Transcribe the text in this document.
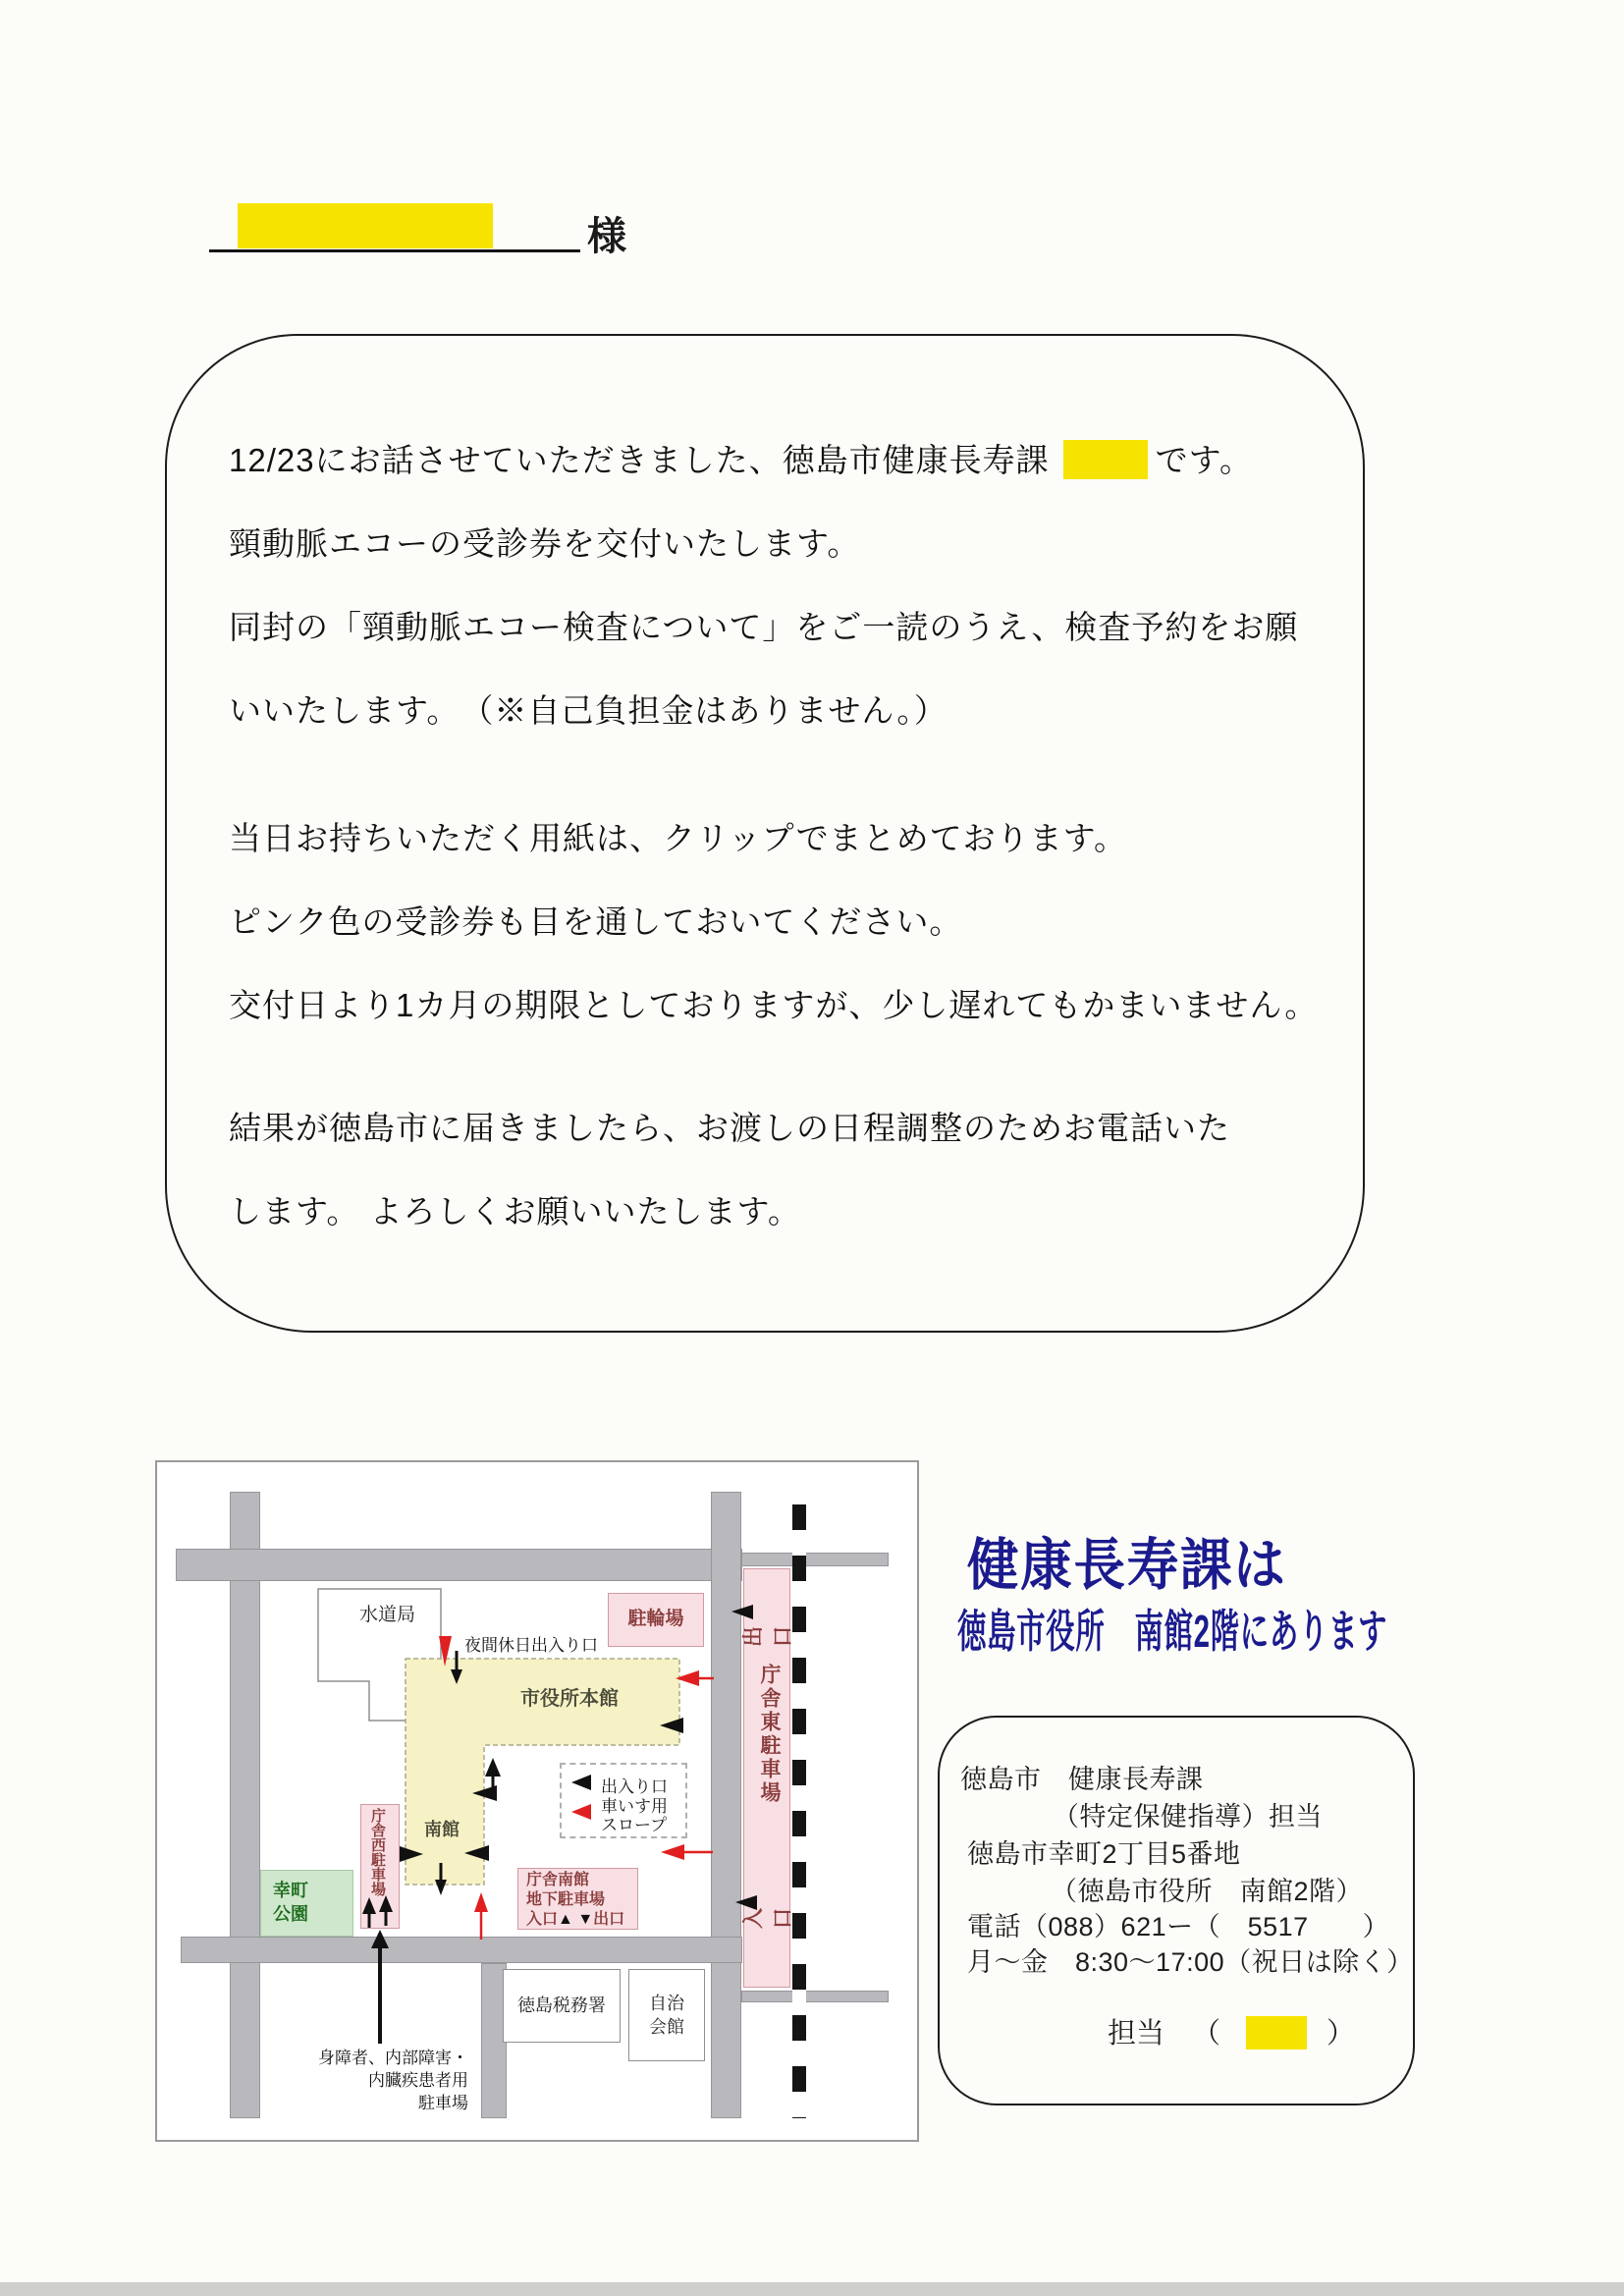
様
12/23にお話させていただきました、徳島市健康長寿課	です。
頸動脈エコーの受診券を交付いたします。
同封の「頸動脈エコー検査について」をご一読のうえ、検査予約をお願
いいたします。　（※自己負担金はありません。）
当日お持ちいただく用紙は、クリップでまとめております。
ピンク色の受診券も目を通しておいてください。
交付日より1カ月の期限としておりますが、少し遅れてもかまいません。
結果が徳島市に届きましたら、お渡しの日程調整のためお電話いた
します。 よろしくお願いいたします。
出口
入口
庁舎東駐車場
水道局	駐輪場
市役所本館
南館
夜間休日出入り口
出入り口
車いす用
スロープ
庁舎西駐車場
幸町
公園
庁舎南館
地下駐車場
入口▲ ▼出口
徳島税務署	自治
会館
身障者、内部障害・
内臓疾患者用
駐車場
健康長寿課は
徳島市役所　南館2階にあります
徳島市　健康長寿課
（特定保健指導）担当
徳島市幸町2丁目5番地
（徳島市役所　南館2階）
電話（088）621ー（　5517　　）
月～金　8:30～17:00（祝日は除く）
担当 （	）
